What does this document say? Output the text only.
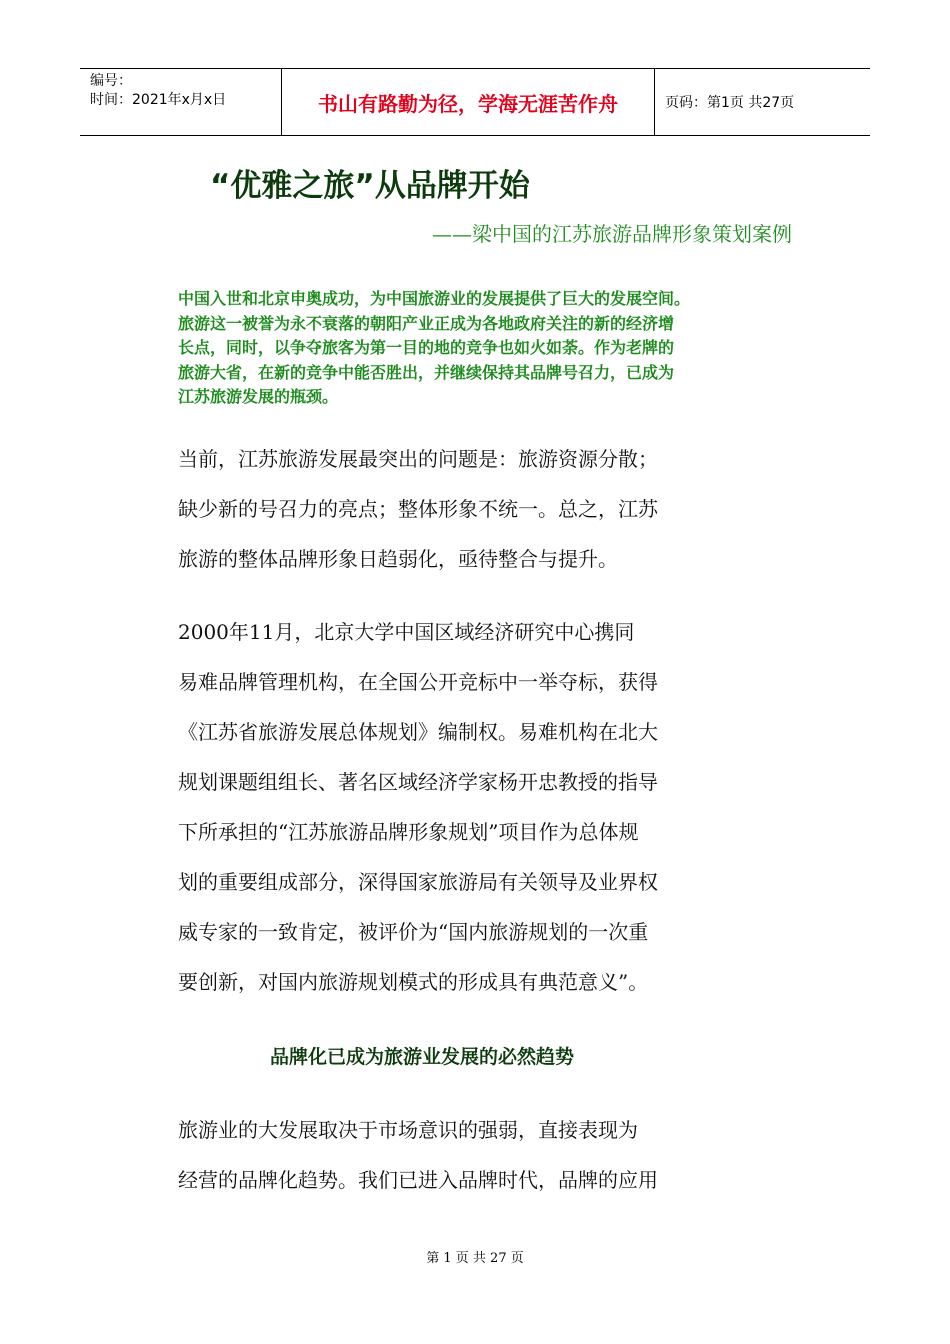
编号：
时间：2021年x月x日	书山有路勤为径，学海无涯苦作舟	页码：第1页 共27页
“优雅之旅”从品牌开始
——梁中国的江苏旅游品牌形象策划案例

中国入世和北京申奥成功，为中国旅游业的发展提供了巨大的发展空间。

旅游这一被誉为永不衰落的朝阳产业正成为各地政府关注的新的经济增

长点，同时，以争夺旅客为第一目的地的竞争也如火如荼。作为老牌的

旅游大省，在新的竞争中能否胜出，并继续保持其品牌号召力，已成为

江苏旅游发展的瓶颈。

当前，江苏旅游发展最突出的问题是：旅游资源分散；

缺少新的号召力的亮点；整体形象不统一。总之，江苏

旅游的整体品牌形象日趋弱化，亟待整合与提升。

2000年11月，北京大学中国区域经济研究中心携同

易难品牌管理机构，在全国公开竞标中一举夺标，获得

《江苏省旅游发展总体规划》编制权。易难机构在北大

规划课题组组长、著名区域经济学家杨开忠教授的指导

下所承担的“江苏旅游品牌形象规划”项目作为总体规

划的重要组成部分，深得国家旅游局有关领导及业界权

威专家的一致肯定，被评价为“国内旅游规划的一次重

要创新，对国内旅游规划模式的形成具有典范意义”。

品牌化已成为旅游业发展的必然趋势

旅游业的大发展取决于市场意识的强弱，直接表现为

经营的品牌化趋势。我们已进入品牌时代，品牌的应用

第 1 页 共 27 页
